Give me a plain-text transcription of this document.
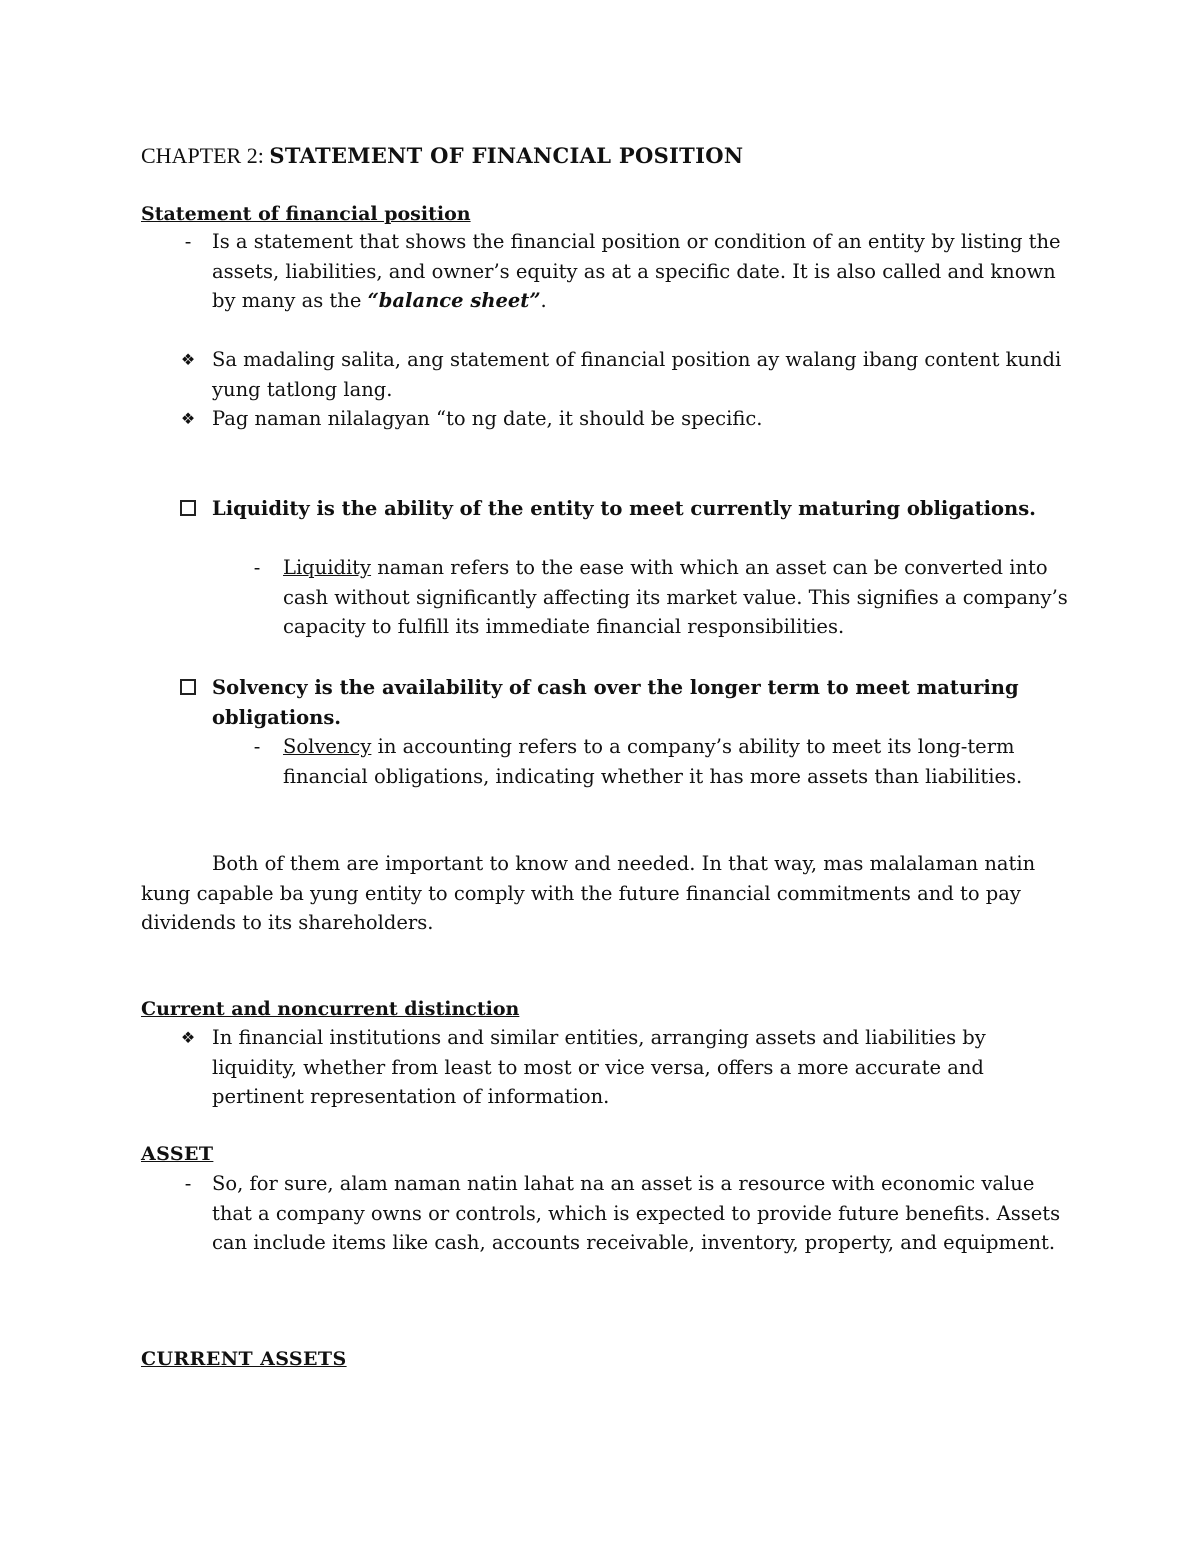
CHAPTER 2: STATEMENT OF FINANCIAL POSITION
Statement of financial position
-	Is a statement that shows the financial position or condition of an entity by listing the assets, liabilities, and owner’s equity as at a specific date. It is also called and known by many as the “balance sheet”.
❖ Sa madaling salita, ang statement of financial position ay walang ibang content kundi yung tatlong lang.
❖ Pag naman nilalagyan “to ng date, it should be specific.
Liquidity is the ability of the entity to meet currently maturing obligations.
-	Liquidity naman refers to the ease with which an asset can be converted into cash without significantly affecting its market value. This signifies a company’s capacity to fulfill its immediate financial responsibilities.
Solvency is the availability of cash over the longer term to meet maturing obligations.
-	Solvency in accounting refers to a company’s ability to meet its long-term financial obligations, indicating whether it has more assets than liabilities.
Both of them are important to know and needed. In that way, mas malalaman natin kung capable ba yung entity to comply with the future financial commitments and to pay dividends to its shareholders.
Current and noncurrent distinction
❖ In financial institutions and similar entities, arranging assets and liabilities by liquidity, whether from least to most or vice versa, offers a more accurate and pertinent representation of information.
ASSET
-	So, for sure, alam naman natin lahat na an asset is a resource with economic value that a company owns or controls, which is expected to provide future benefits. Assets can include items like cash, accounts receivable, inventory, property, and equipment.
CURRENT ASSETS
